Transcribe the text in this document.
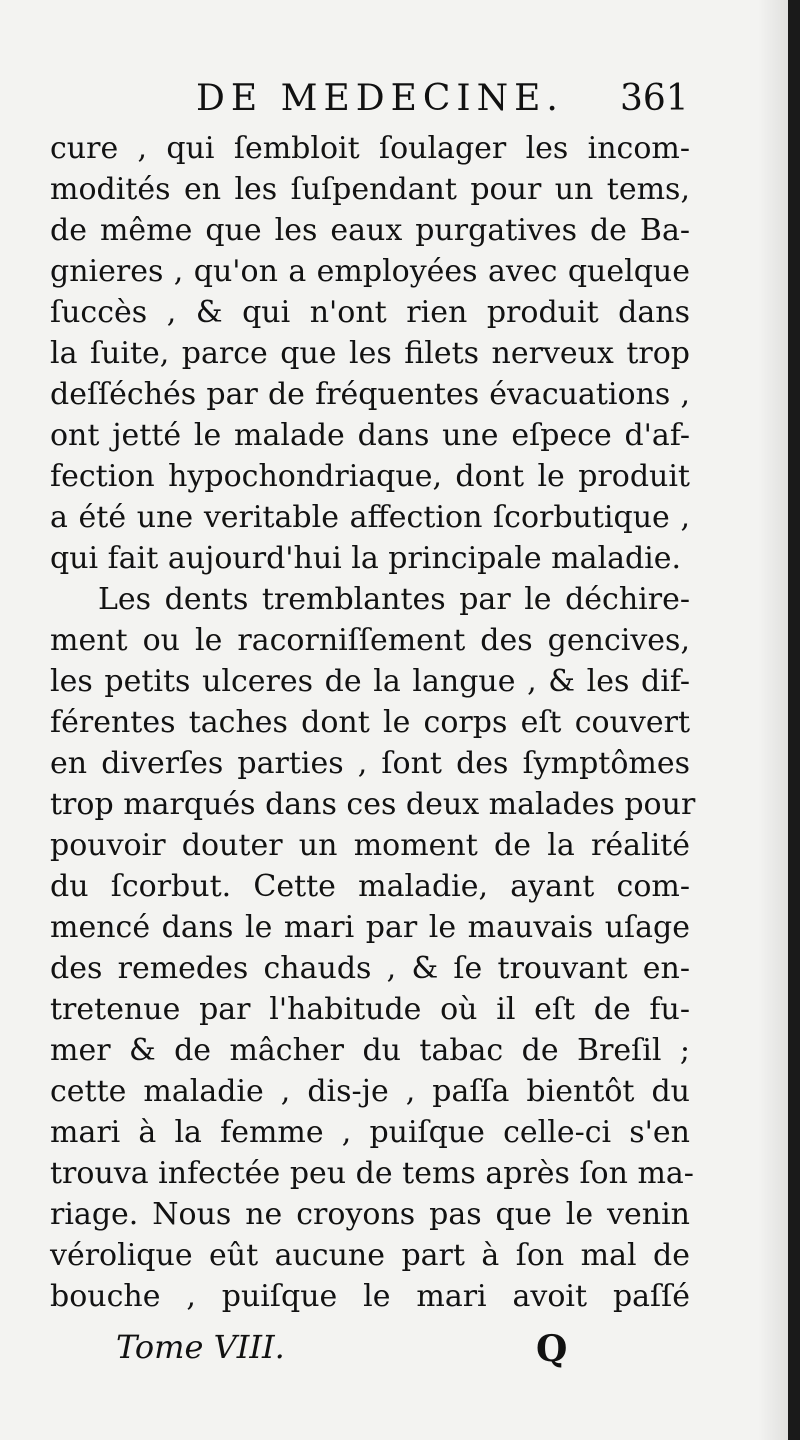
DE MEDECINE. 361
cure , qui ſembloit ſoulager les incom-
modités en les ſuſpendant pour un tems,
de même que les eaux purgatives de Ba-
gnieres , qu'on a employées avec quelque
ſuccès , & qui n'ont rien produit dans
la ſuite, parce que les filets nerveux trop
deſſéchés par de fréquentes évacuations ,
ont jetté le malade dans une eſpece d'af-
fection hypochondriaque, dont le produit
a été une veritable affection ſcorbutique ,
qui fait aujourd'hui la principale maladie.
Les dents tremblantes par le déchire-
ment ou le racorniſſement des gencives,
les petits ulceres de la langue , & les dif-
férentes taches dont le corps eſt couvert
en diverſes parties , ſont des ſymptômes
trop marqués dans ces deux malades pour
pouvoir douter un moment de la réalité
du ſcorbut. Cette maladie, ayant com-
mencé dans le mari par le mauvais uſage
des remedes chauds , & ſe trouvant en-
tretenue par l'habitude où il eſt de fu-
mer & de mâcher du tabac de Breſil ;
cette maladie , dis-je , paſſa bientôt du
mari à la femme , puiſque celle-ci s'en
trouva infectée peu de tems après ſon ma-
riage. Nous ne croyons pas que le venin
vérolique eût aucune part à ſon mal de
bouche , puiſque le mari avoit paſſé
Tome VIII.	Q
